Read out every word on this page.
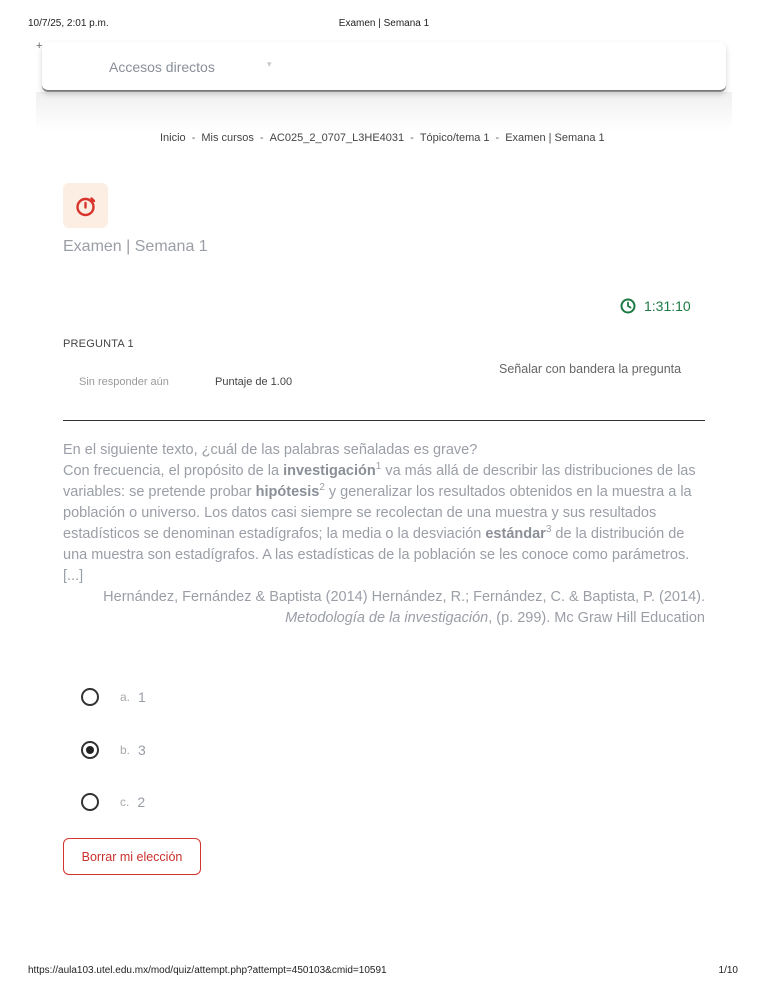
10/7/25, 2:01 p.m.	Examen | Semana 1
+
Accesos directos	▾
Inicio - Mis cursos - AC025_2_0707_L3HE4031 - Tópico/tema 1 - Examen | Semana 1
Examen | Semana 1
1:31:10
PREGUNTA 1
Señalar con bandera la pregunta
Sin responder aún	Puntaje de 1.00

En el siguiente texto, ¿cuál de las palabras señaladas es grave?

Con frecuencia, el propósito de la investigación$^1$ va más allá de describir las distribuciones de las variables: se pretende probar hipótesis$^2$ y generalizar los resultados obtenidos en la muestra a la población o universo. Los datos casi siempre se recolectan de una muestra y sus resultados estadísticos se denominan estadígrafos; la media o la desviación estándar$^3$ de la distribución de una muestra son estadígrafos. A las estadísticas de la población se les conoce como parámetros.

[...]

Hernández, Fernández & Baptista (2014) Hernández, R.; Fernández, C. & Baptista, P. (2014).
Metodología de la investigación, (p. 299). Mc Graw Hill Education

a. 1
b. 3
c. 2
Borrar mi elección
https://aula103.utel.edu.mx/mod/quiz/attempt.php?attempt=450103&cmid=10591	1/10
